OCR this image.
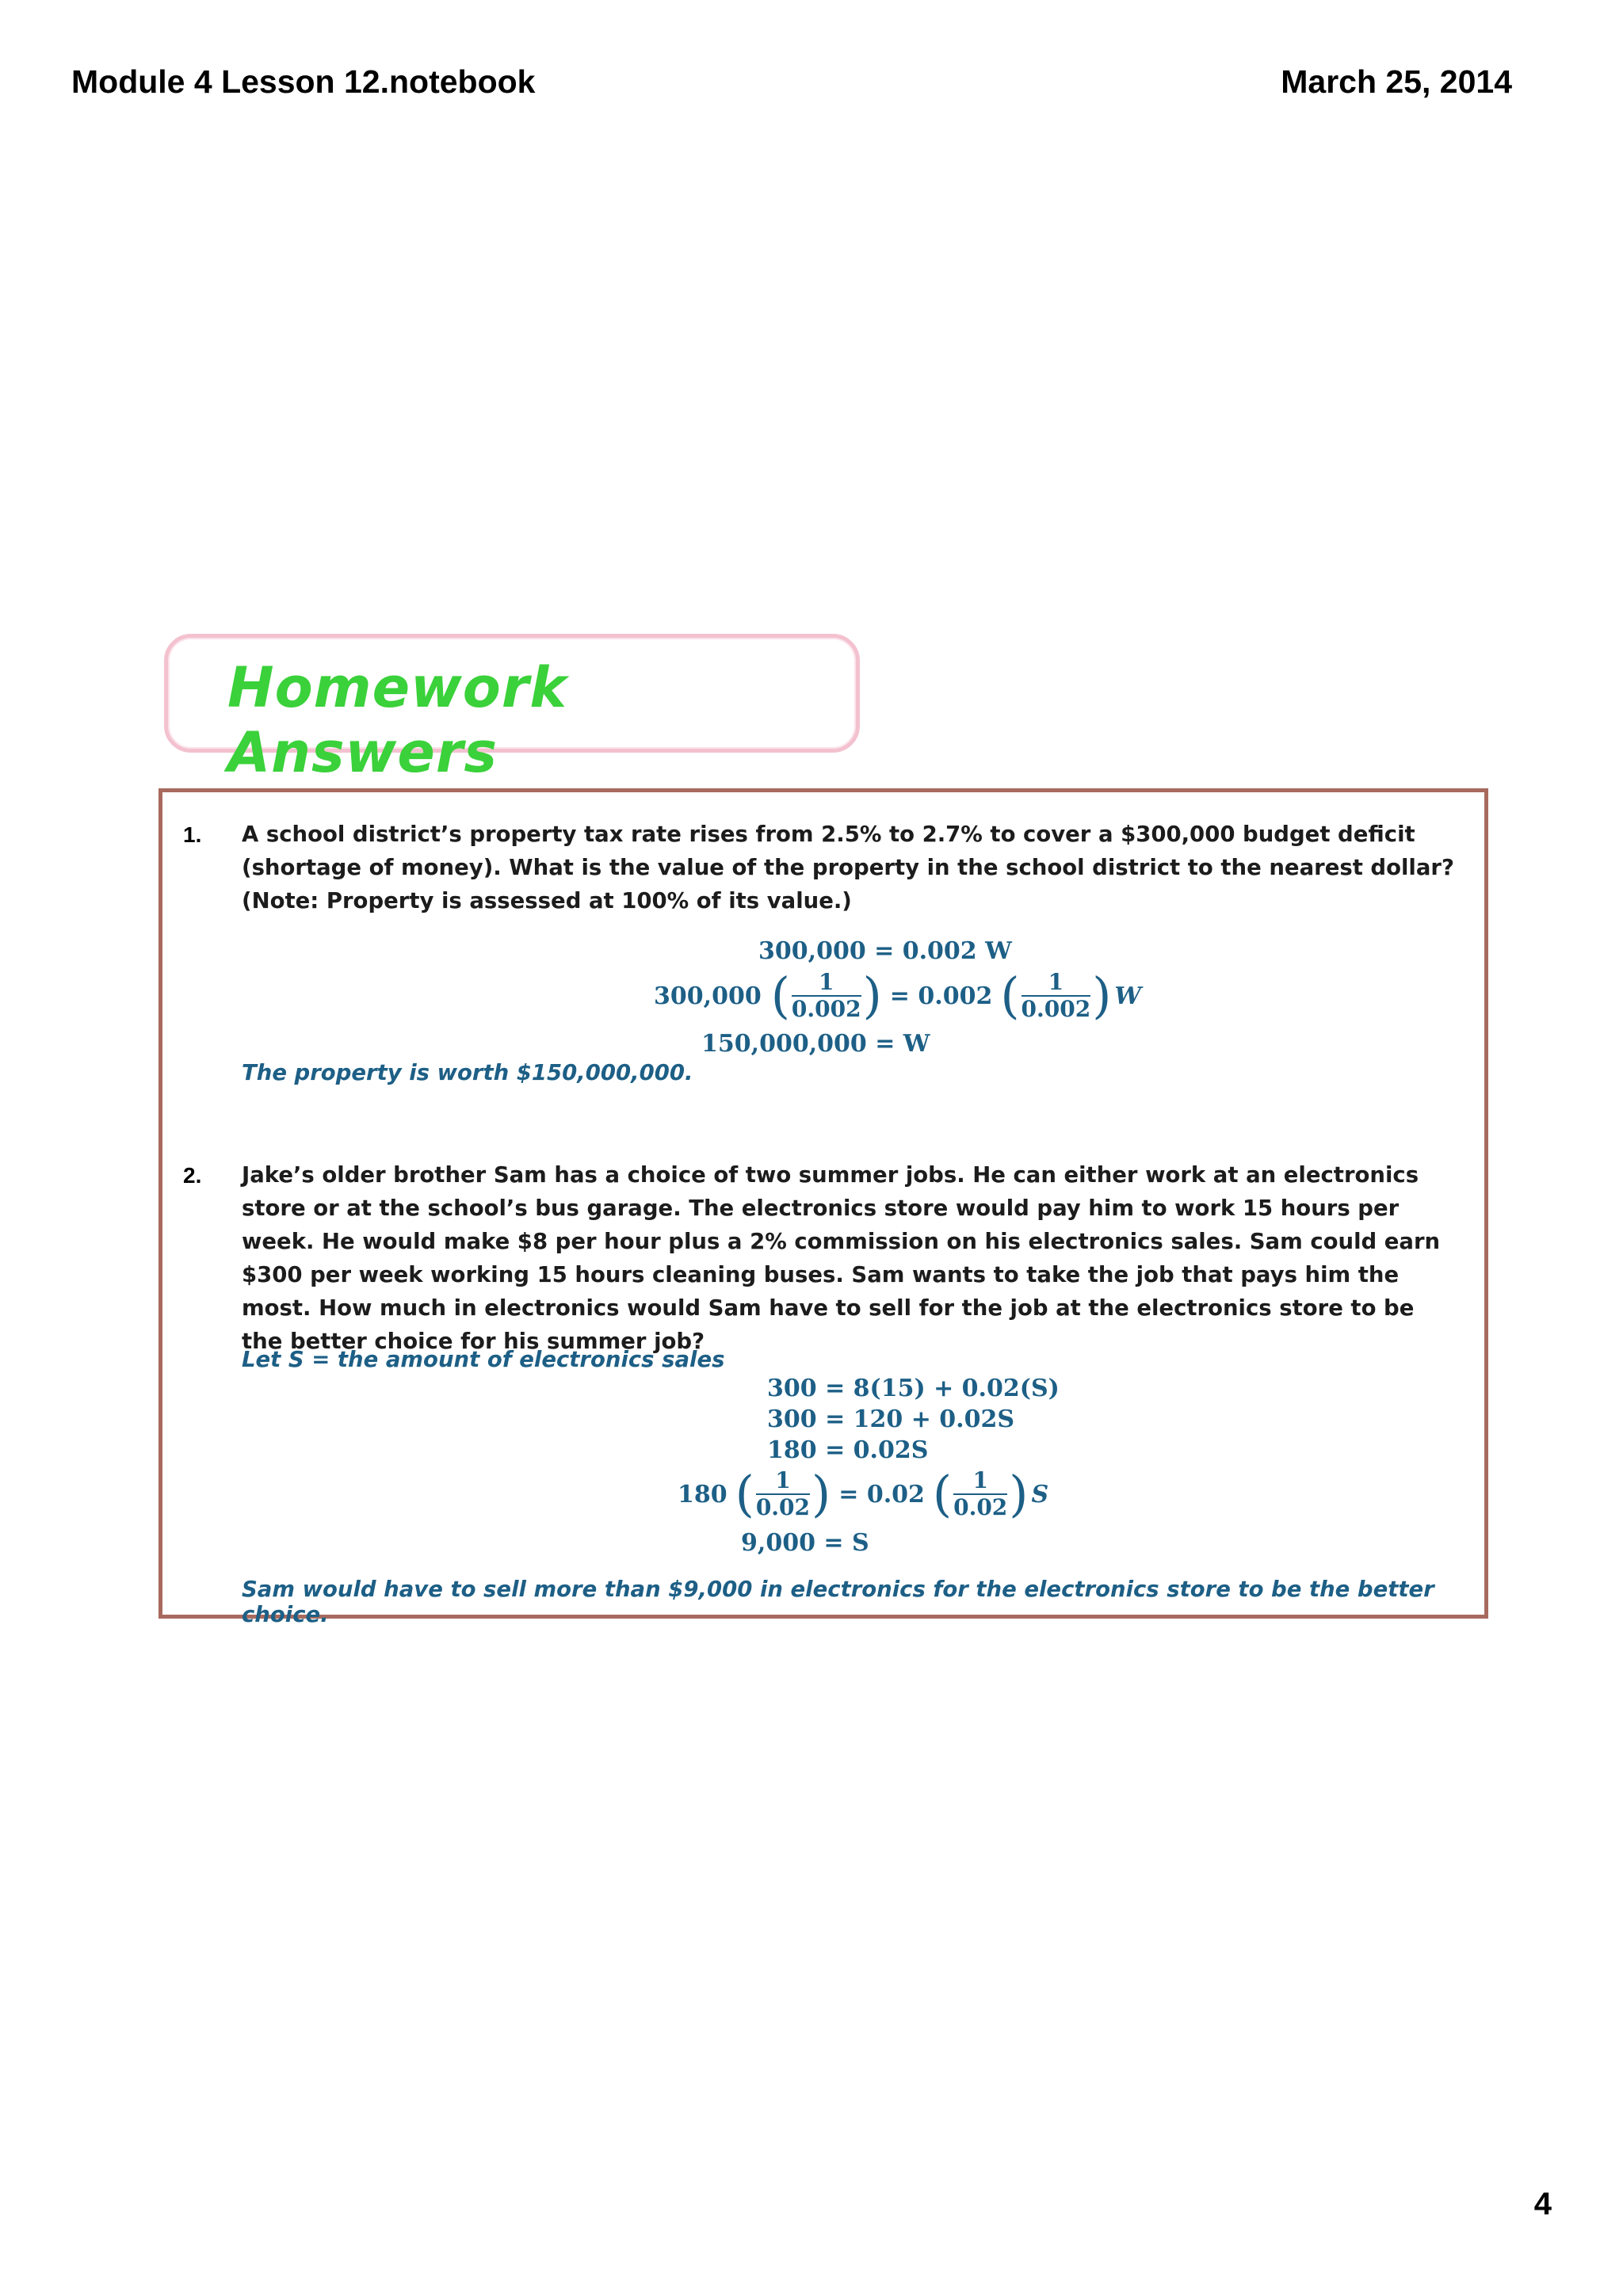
Module 4 Lesson 12.notebook	March 25, 2014
Homework Answers
1. A school district’s property tax rate rises from 2.5% to 2.7% to cover a $300,000 budget deficit (shortage of money). What is the value of the property in the school district to the nearest dollar? (Note: Property is assessed at 100% of its value.)
300,000 = 0.002 W
300,000 ( $\frac{1}{0.002}$ ) = 0.002 ( $\frac{1}{0.002}$ ) W
150,000,000 = W
The property is worth $150,000,000.
2. Jake’s older brother Sam has a choice of two summer jobs. He can either work at an electronics store or at the school’s bus garage. The electronics store would pay him to work 15 hours per week. He would make $8 per hour plus a 2% commission on his electronics sales. Sam could earn $300 per week working 15 hours cleaning buses. Sam wants to take the job that pays him the most. How much in electronics would Sam have to sell for the job at the electronics store to be the better choice for his summer job?
Let S = the amount of electronics sales
300 = 8(15) + 0.02(S)
300 = 120 + 0.02S
180 = 0.02S
180 ( $\frac{1}{0.02}$ ) = 0.02 ( $\frac{1}{0.02}$ ) S
9,000 = S
Sam would have to sell more than $9,000 in electronics for the electronics store to be the better choice.
4
